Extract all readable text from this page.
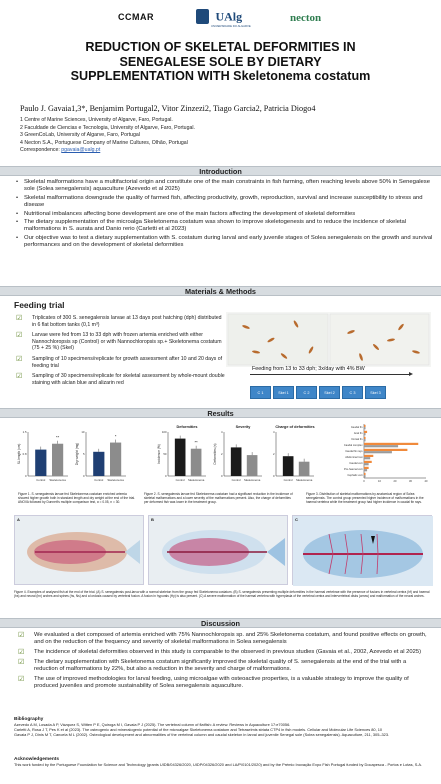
CCMAR	UAlg
UNIVERSIDADE DO ALGARVE
necton
REDUCTION OF SKELETAL DEFORMITIES IN
SENEGALESE SOLE BY DIETARY
SUPPLEMENTATION WITH Skeletonema costatum
Paulo J. Gavaia1,3*, Benjamim Portugal2, Vitor Zinzezi2, Tiago Garcia2, Patricia Diogo4
1 Centre of Marine Sciences, University of Algarve, Faro, Portugal.
2 Faculdade de Ciencias e Tecnologia, University of Algarve, Faro, Portugal.
3 GreenCoLab, University of Algarve, Faro, Portugal
4 Necton S.A., Portuguese Company of Marine Cultures, Olhão, Portugal
Correspondence: pgavaia@ualg.pt
Introduction
• Skeletal malformations have a multifactorial origin and constitute one of the main constraints in fish farming, often reaching levels above 50% in Senegalese sole (Solea senegalensis) aquaculture (Azevedo et al 2025)
• Skeletal malformations downgrade the quality of farmed fish, affecting productivity, growth, reproduction, survival and increase susceptibility to stress and disease
• Nutritional imbalances affecting bone development are one of the main factors affecting the development of skeletal deformities
• The dietary supplementation of the microalga Skeletonema costatum was shown to improve skeletogenesis and to reduce the incidence of skeletal malformations in S. aurata and Danio rerio (Carletti et al 2023)
• Our objective was to test a dietary supplementation with S. costatum during larval and early juvenile stages of Solea senegalensis on the growth and survival performances and on the development of skeletal deformities
Materials & Methods
Feeding trial
☑	Triplicates of 300 S. senegalensis larvae at 13 days post hatching (dph) distributed in 6 flat bottom tanks (0,1 m³)
☑	Larvae were fed from 13 to 33 dph with frozen artemia enriched with either Nannochloropsis sp (Control) or with Nannochloropsis sp.+ Skeletonema costatum (75 + 25 %) (Skel)
☑	Sampling of 10 specimens/replicate for growth assessment after 10 and 20 days of feeding trial
☑	Sampling of 30 specimens/replicate for skeletal assessment by whole-mount double staining with alcian blue and alizarin red
Feeding from 13 to 33 dph; 3x/day with 4% BW
C 1	Skel 1	C 2	Skel 2	C 3	Skel 3
Results
SL length (cm)
0
0.8
1.5
Control Skeletonema
**
Dry weight (mg)
0
5
10
Control Skeletonema
*
Deformities
Incidence (%)
0
50
100
Control Skeletonema
**
Severity
Deformities (n)
0
2
4
Control Skeletonema
Charge of deformities
0
2
4
Control Skeletonema
Caudal fin
Anal fin
Dorsal fin
Caudal complex
Caudal fin rays
Abdominal rost
Caudal vert
Pre-haemal vert
Cephalic vert
0	10	20	30	40
Figure 1. S. senegalensis larvae fed Skeletonema costatum enriched artemia showed higher growth both in standard length and dry weight at the end of the trial. ANOVA followed by Dunnett's multiple comparison test, α = 0.05, n = 30.
Figure 2. S. senegalensis larvae fed Skeletonema costatum had a significant reduction in the incidence of skeletal malformations and a lower severity of the malformations present. Also, the charge of deformities per deformed fish was lower in the treatment group.
Figure 3. Distribution of skeletal malformations by anatomical region of Solea senegalensis. The control group presented higher incidence of malformations in the haemal vertebra while the treatment group had higher incidence in caudal fin rays.
A	B	C
Figure 4. Examples of analysed fish at the end of the trial. (A) S. senegalensis post-larva with a normal skeleton from the group fed Skeletonema costatum. (B) S. senegalensis presenting multiple deformities in the haemal vertebrae with the presence of fusions in vertebral centra (hf) and haemal (hs) and neural (hn) arches and spines (hs, Ns) and a lordosis caused by vertebral fusion. A fusion in hypurals (Hy) is also present. (C) A severe malformation of the haemal vertebra with hyperplasia of the vertebral centra and intervertebral disks (arrow) and malformation of the neural arches.
Discussion
☑ We evaluated a diet composed of artemia enriched with 75% Nannochloropsis sp. and 25% Skeletonema costatum, and found positive effects on growth, and on the reduction of the frequency and severity of skeletal malformations in Solea senegalensis
☑ The incidence of skeletal deformities observed in this study is comparable to the observed in previous studies (Gavaia et al., 2002, Azevedo et al 2025)
☑ The dietary supplementation with Skeletonema costatum significantly improved the skeletal quality of S. senegalensis at the end of the trial with a reduction of malformations by 22%, but also a reduction in the severity and charge of malformations.
☑ The use of improved methodologies for larval feeding, using microalgae with osteoactive properties, is a valuable strategy to improve the quality of produced juveniles and promote sustainability of Solea senegalensis aquaculture.
Bibliography
Azevedo A M, Losada A P, Vázquez S, Witten P E, Quiroga M I, Gavaia P J (2025). The vertebral column of flatfish: A review. Reviews in Aquaculture 17:e70056.
Carletti A, Rosa J T, Pes K et al (2023). The osteogenic and mineralogenic potential of the microalgae Skeletonema costatum and Tetraselmis striata CTP4 in fish models. Cellular and Molecular Life Sciences 80, 10
Gavaia P J, Dinis M T, Cancela M L (2002). Osteological development and abnormalities of the vertebral column and caudal skeleton in larval and juvenile Senegal sole (Solea senegalensis). Aquaculture, 211, 305–323.
Acknowledgements
This work funded by the Portuguese Foundation for Science and Technology (grants UIDB/04326/2020, UIDP/04326/2020 and LA/P/0101/2020) and by the Prémio Inovação Expo Fish Portugal funded by Docapesca - Portos e Lotas, S.A.
